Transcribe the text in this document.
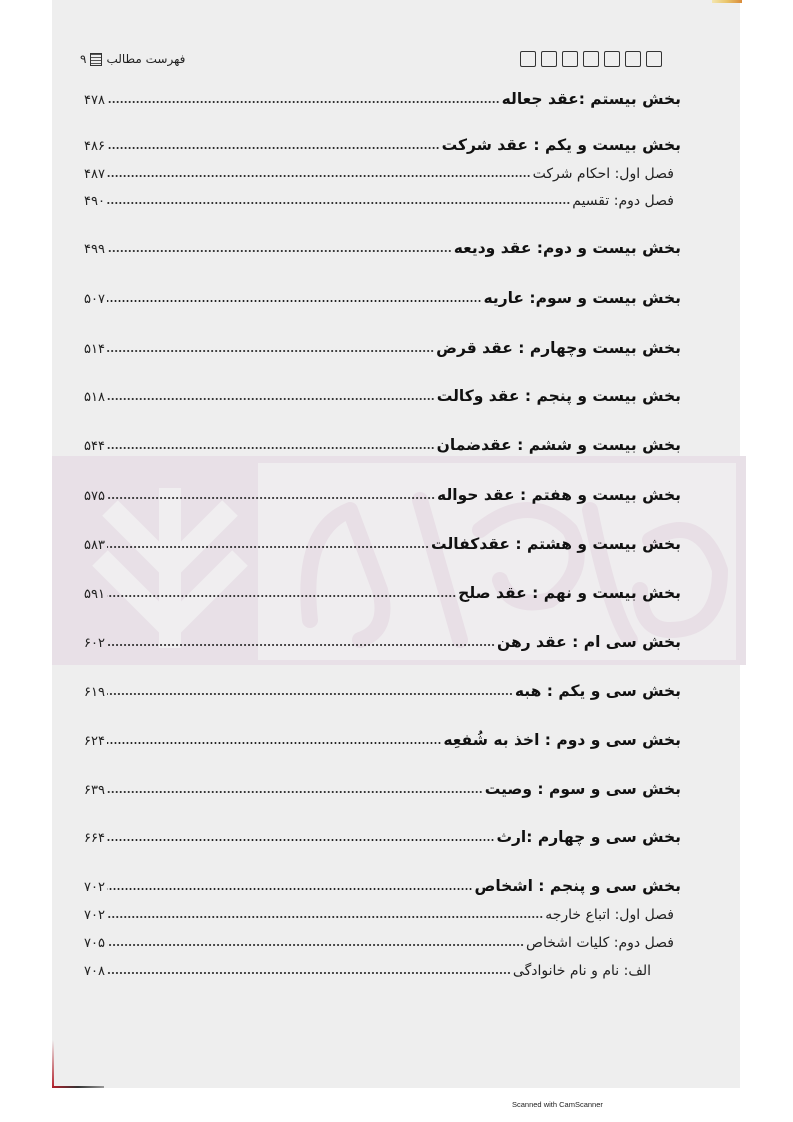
فهرست مطالب
۹
بخش بیستم :عقد جعاله
۴۷۸
بخش بیست و یکم : عقد شرکت
۴۸۶
فصل اول: احکام شرکت
۴۸۷
فصل دوم: تقسیم
۴۹۰
بخش بیست و دوم: عقد ودیعه
۴۹۹
بخش بیست و سوم: عاریه
۵۰۷
بخش بیست وچهارم : عقد قرض
۵۱۴
بخش بیست و پنجم : عقد وکالت
۵۱۸
بخش بیست و ششم : عقدضمان
۵۴۴
بخش بیست و هفتم : عقد حواله
۵۷۵
بخش بیست و هشتم : عقدکفالت
۵۸۳
بخش بیست و نهم : عقد صلح
۵۹۱
بخش سی ام : عقد رهن
۶۰۲
بخش سی و یکم : هبه
۶۱۹
بخش سی و دوم : اخذ به شُفعِه
۶۲۴
بخش سی و سوم : وصیت
۶۳۹
بخش سی و چهارم :ارث
۶۶۴
بخش سی و پنجم : اشخاص
۷۰۲
فصل اول: اتباع خارجه
۷۰۲
فصل دوم: کلیات اشخاص
۷۰۵
الف: نام و نام خانوادگی
۷۰۸
Scanned with CamScanner
